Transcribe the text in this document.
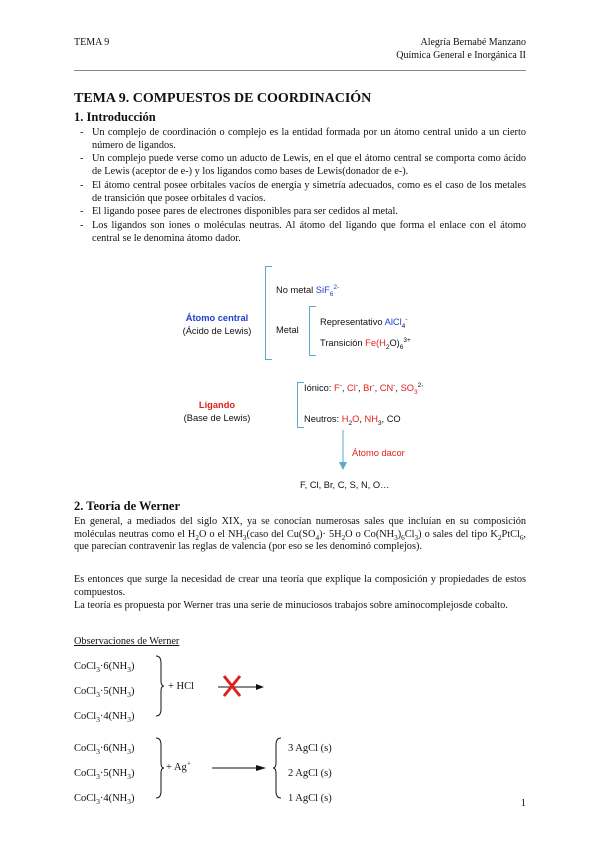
TEMA 9	Alegría Bernabé Manzano
Química General e Inorgánica II
TEMA 9. COMPUESTOS DE COORDINACIÓN
1. Introducción
- Un complejo de coordinación o complejo es la entidad formada por un átomo central unido a un cierto número de ligandos.
- Un complejo puede verse como un aducto de Lewis, en el que el átomo central se comporta como ácido de Lewis (aceptor de e-) y los ligandos como bases de Lewis(donador de e-).
- El átomo central posee orbitales vacíos de energía y simetría adecuados, como es el caso de los metales de transición que posee orbitales d vacíos.
- El ligando posee pares de electrones disponibles para ser cedidos al metal.
- Los ligandos son iones o moléculas neutras. Al átomo del ligando que forma el enlace con el átomo central se le denomina átomo dador.
Átomo central
(Ácido de Lewis)
No metal SiF$_6^{2-}$
Metal
Representativo AlCl$_4$-
Transición $Fe(H_2O)_6^{3+}$
Ligando
(Base de Lewis)
Iónico: F-, Cl-, Br-, CN-, $SO_3^{2-}$
Neutros: $H_2O$, $NH_3$, CO
Átomo dacor
F, Cl, Br, C, S, N, O…
2. Teoría de Werner
En general, a mediados del siglo XIX, ya se conocían numerosas sales que incluían en su composición moléculas neutras como el $H_2O$ o el $NH_3(caso$ del $Cu(SO_4)\cdot 5H_2O$ o $Co(NH_3)_6Cl_3$) o sales del tipo $K_2PtCl_6$, que parecían contravenir las reglas de valencia (por eso se les denominó complejos).
Es entonces que surge la necesidad de crear una teoría que explique la composición y propiedades de estos compuestos.
La teoría es propuesta por Werner tras una serie de minuciosos trabajos sobre aminocomplejosde cobalto.
Observaciones de Werner
$CoCl_3\cdot 6(NH_3)$
$CoCl_3\cdot 5(NH_3)$
$CoCl_3\cdot 4(NH_3)$
+ HCl
$CoCl_3\cdot 6(NH_3)$
$CoCl_3\cdot 5(NH_3)$
$CoCl_3\cdot 4(NH_3)$
+ Ag+ →
3 AgCl (s)
2 AgCl (s)
1 AgCl (s)	1
